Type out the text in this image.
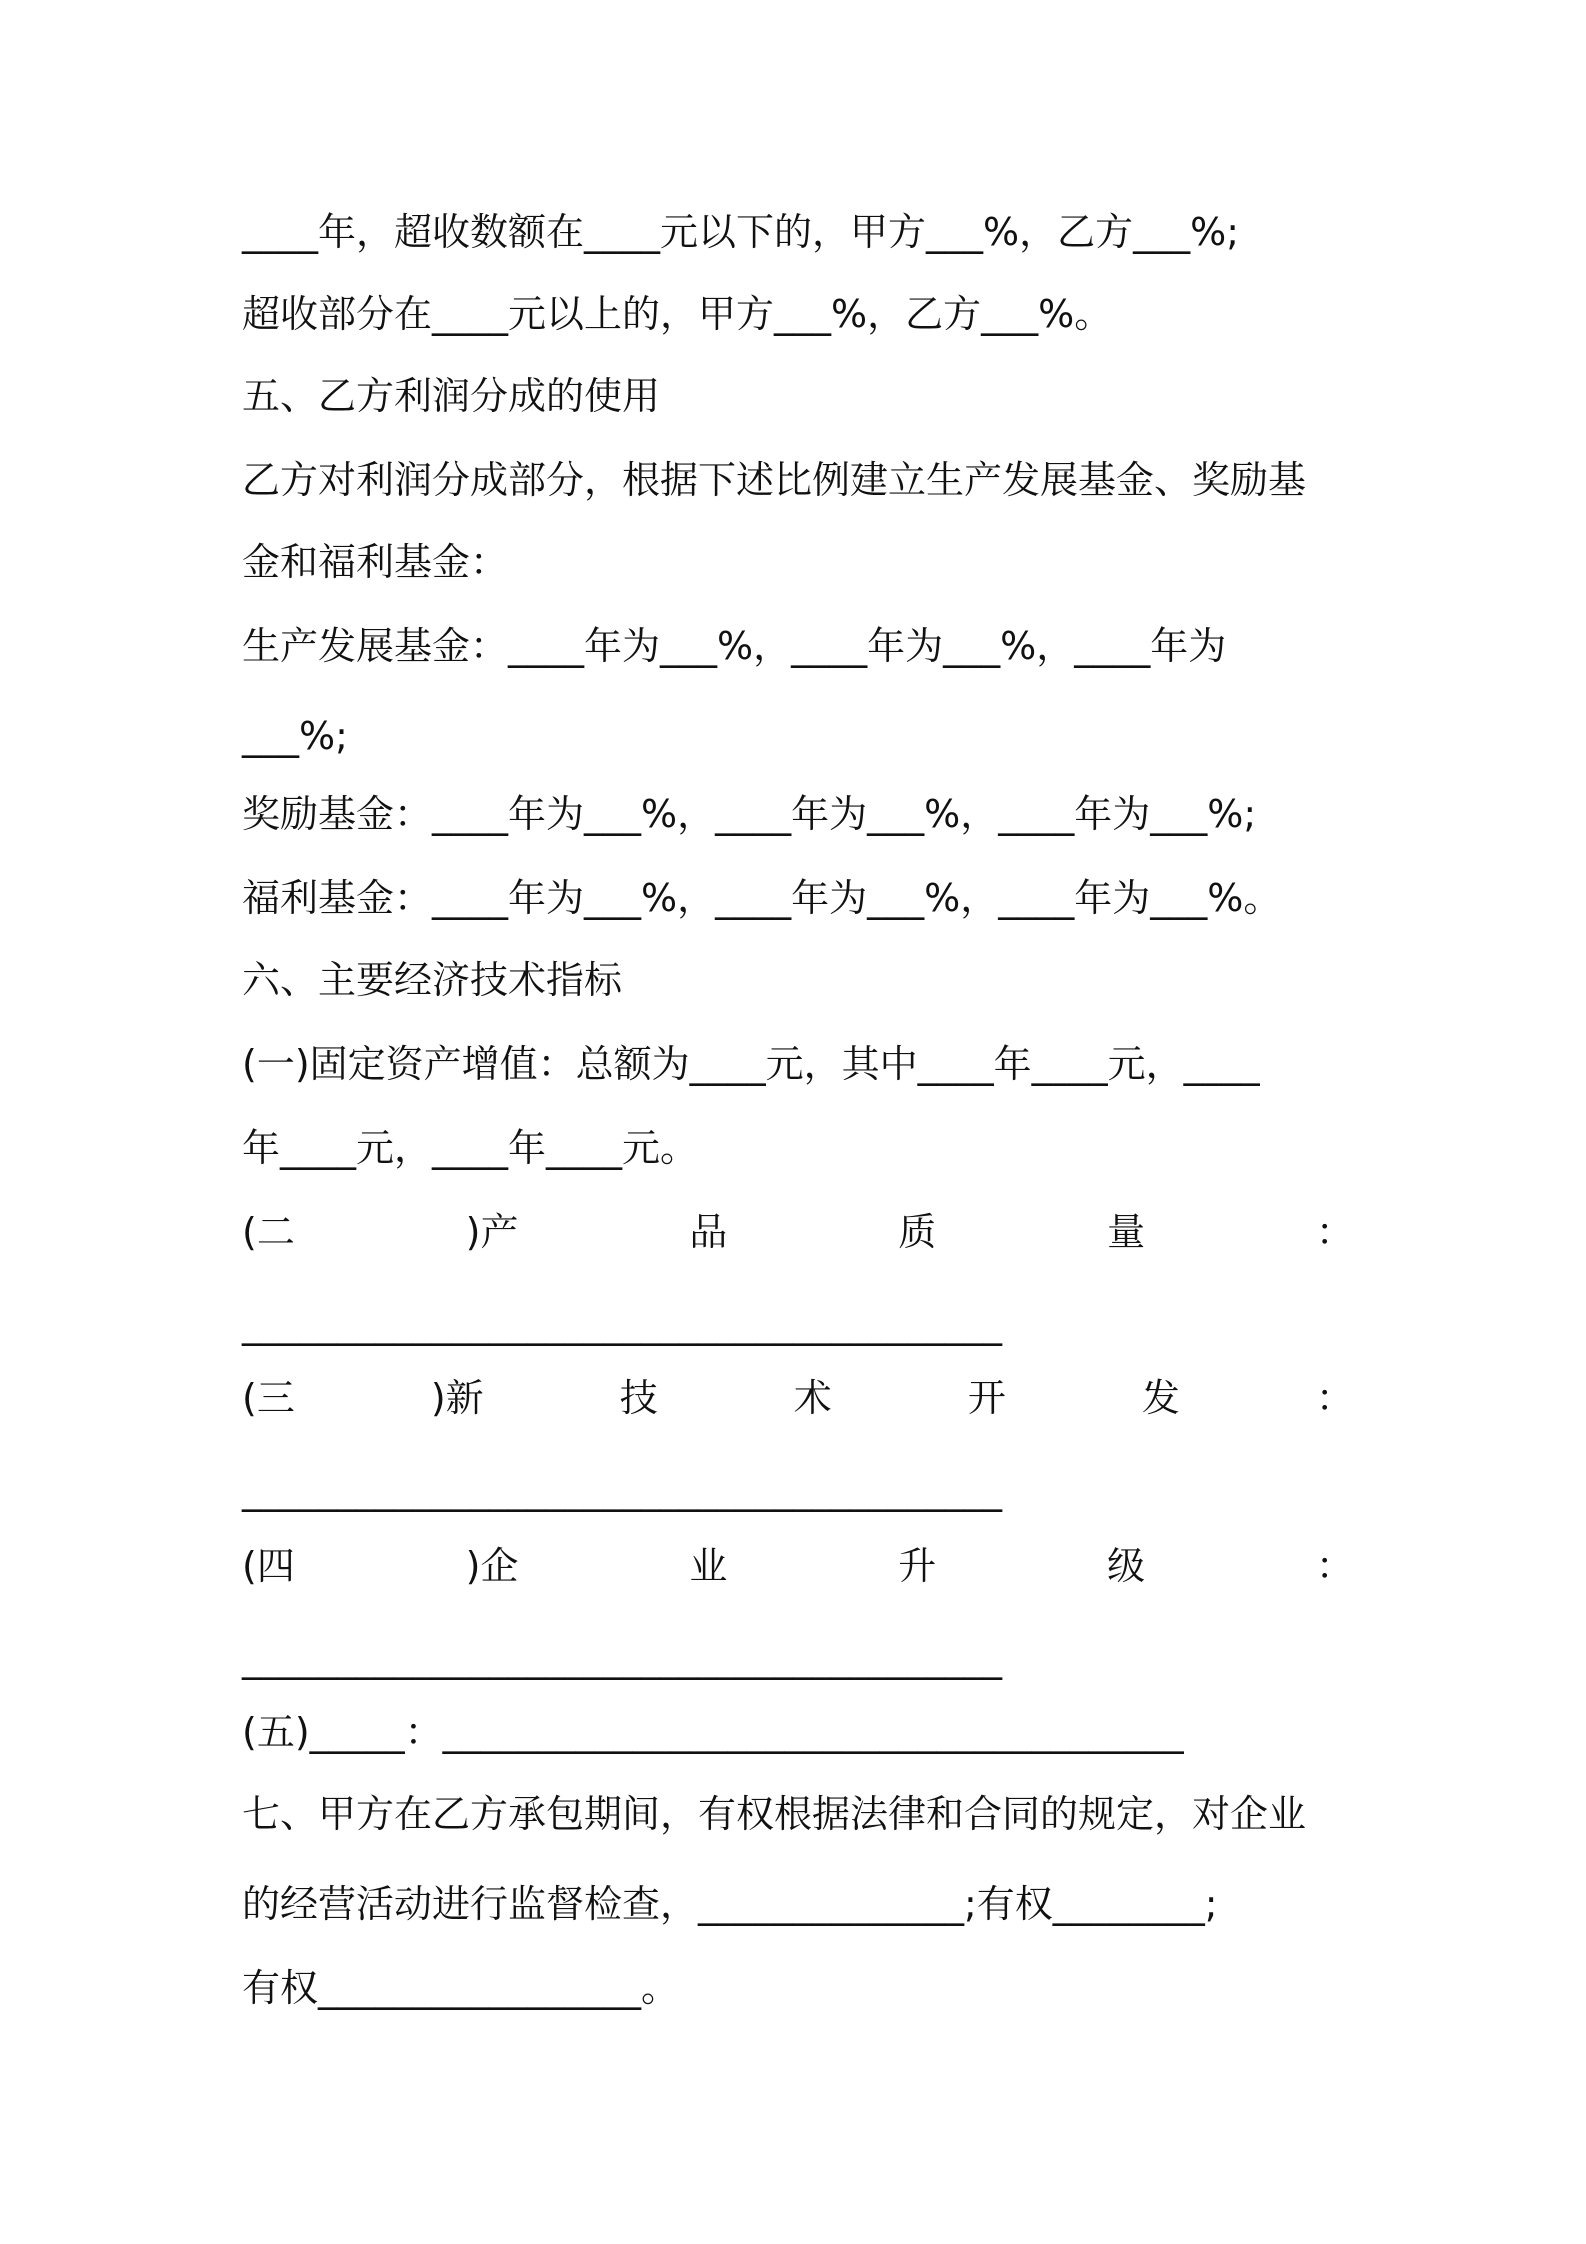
____年，超收数额在____元以下的，甲方___%，乙方___%;
超收部分在____元以上的，甲方___%，乙方___%。
五、乙方利润分成的使用
乙方对利润分成部分，根据下述比例建立生产发展基金、奖励基
金和福利基金：
生产发展基金：____年为___%，____年为___%，____年为
___%;
奖励基金：____年为___%，____年为___%，____年为___%;
福利基金：____年为___%，____年为___%，____年为___%。
六、主要经济技术指标
(一)固定资产增值：总额为____元，其中____年____元，____
年____元，____年____元。
(二	)产	品	质	量	：
________________________________________
(三	)新	技	术	开	发	：
________________________________________
(四	)企	业	升	级	：
________________________________________
(五)_____：_______________________________________
七、甲方在乙方承包期间，有权根据法律和合同的规定，对企业
的经营活动进行监督检查，______________;有权________;
有权_________________。
